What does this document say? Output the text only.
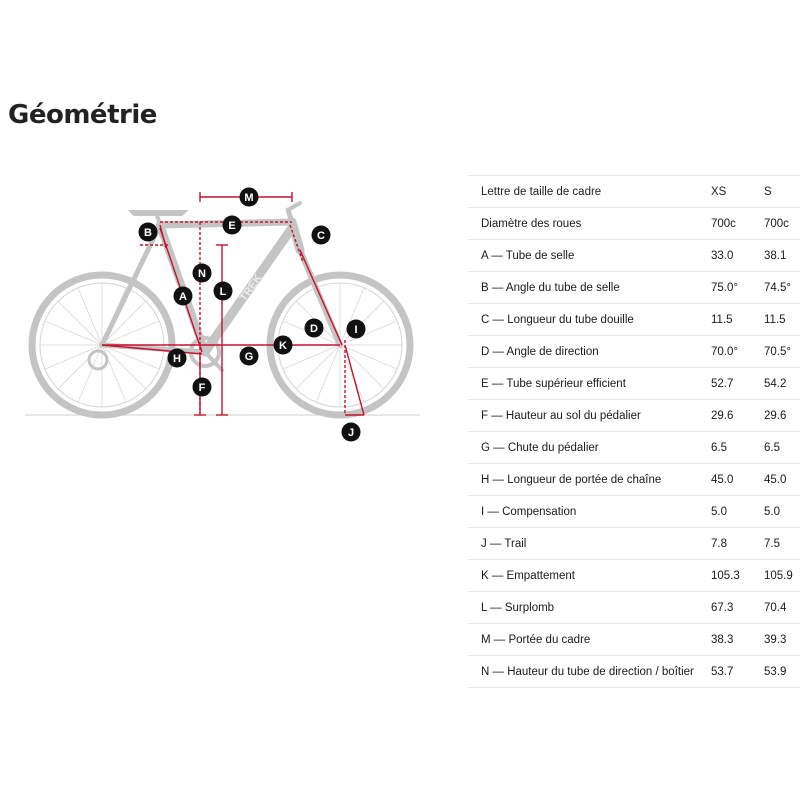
Géométrie
TREK
M
E
B	C
N
L
A
D	I
K
H	G
F
J
Lettre de taille de cadre	XS	S
Diamètre des roues	700c	700c
A — Tube de selle	33.0	38.1
B — Angle du tube de selle	75.0°	74.5°
C — Longueur du tube douille	11.5	11.5
D — Angle de direction	70.0°	70.5°
E — Tube supérieur efficient	52.7	54.2
F — Hauteur au sol du pédalier	29.6	29.6
G — Chute du pédalier	6.5	6.5
H — Longueur de portée de chaîne	45.0	45.0
I — Compensation	5.0	5.0
J — Trail	7.8	7.5
K — Empattement	105.3	105.9
L — Surplomb	67.3	70.4
M — Portée du cadre	38.3	39.3
N — Hauteur du tube de direction / boîtier	53.7	53.9
